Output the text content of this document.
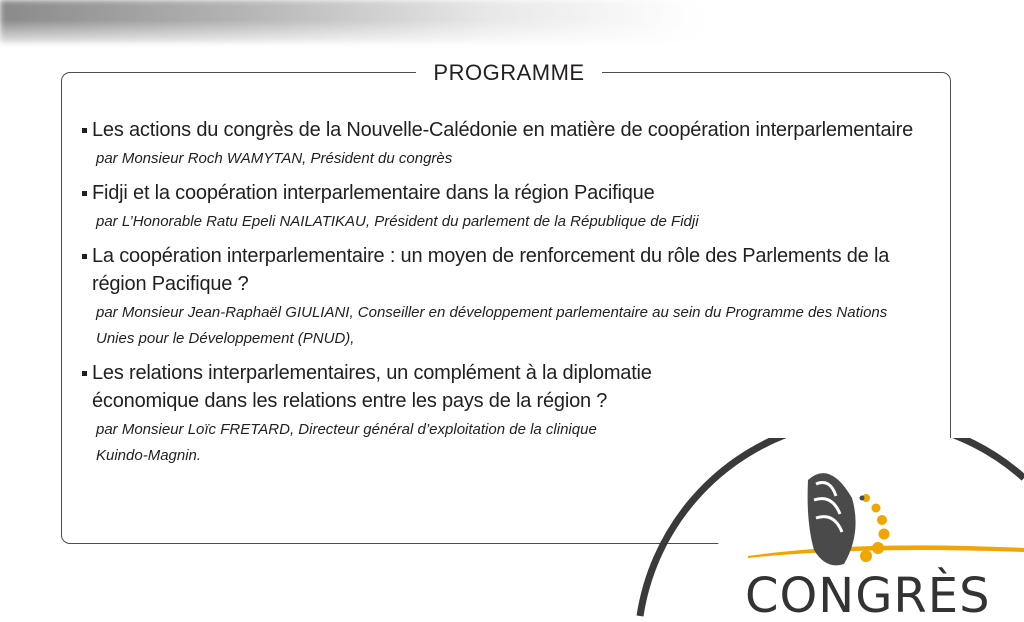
PROGRAMME

Les actions du congrès de la Nouvelle-Calédonie en matière de coopération interparlementaire

par Monsieur Roch WAMYTAN, Président du congrès

Fidji et la coopération interparlementaire dans la région Pacifique

par L’Honorable Ratu Epeli NAILATIKAU, Président du parlement de la République de Fidji

La coopération interparlementaire : un moyen de renforcement du rôle des Parlements de la région Pacifique ?

par Monsieur Jean-Raphaël GIULIANI, Conseiller en développement parlementaire au sein du Programme des Nations Unies pour le Développement (PNUD),

Les relations interparlementaires, un complément à la diplomatie économique dans les relations entre les pays de la région ?

par Monsieur Loïc FRETARD, Directeur général d’exploitation de la clinique Kuindo-Magnin.

CONGRÈS
